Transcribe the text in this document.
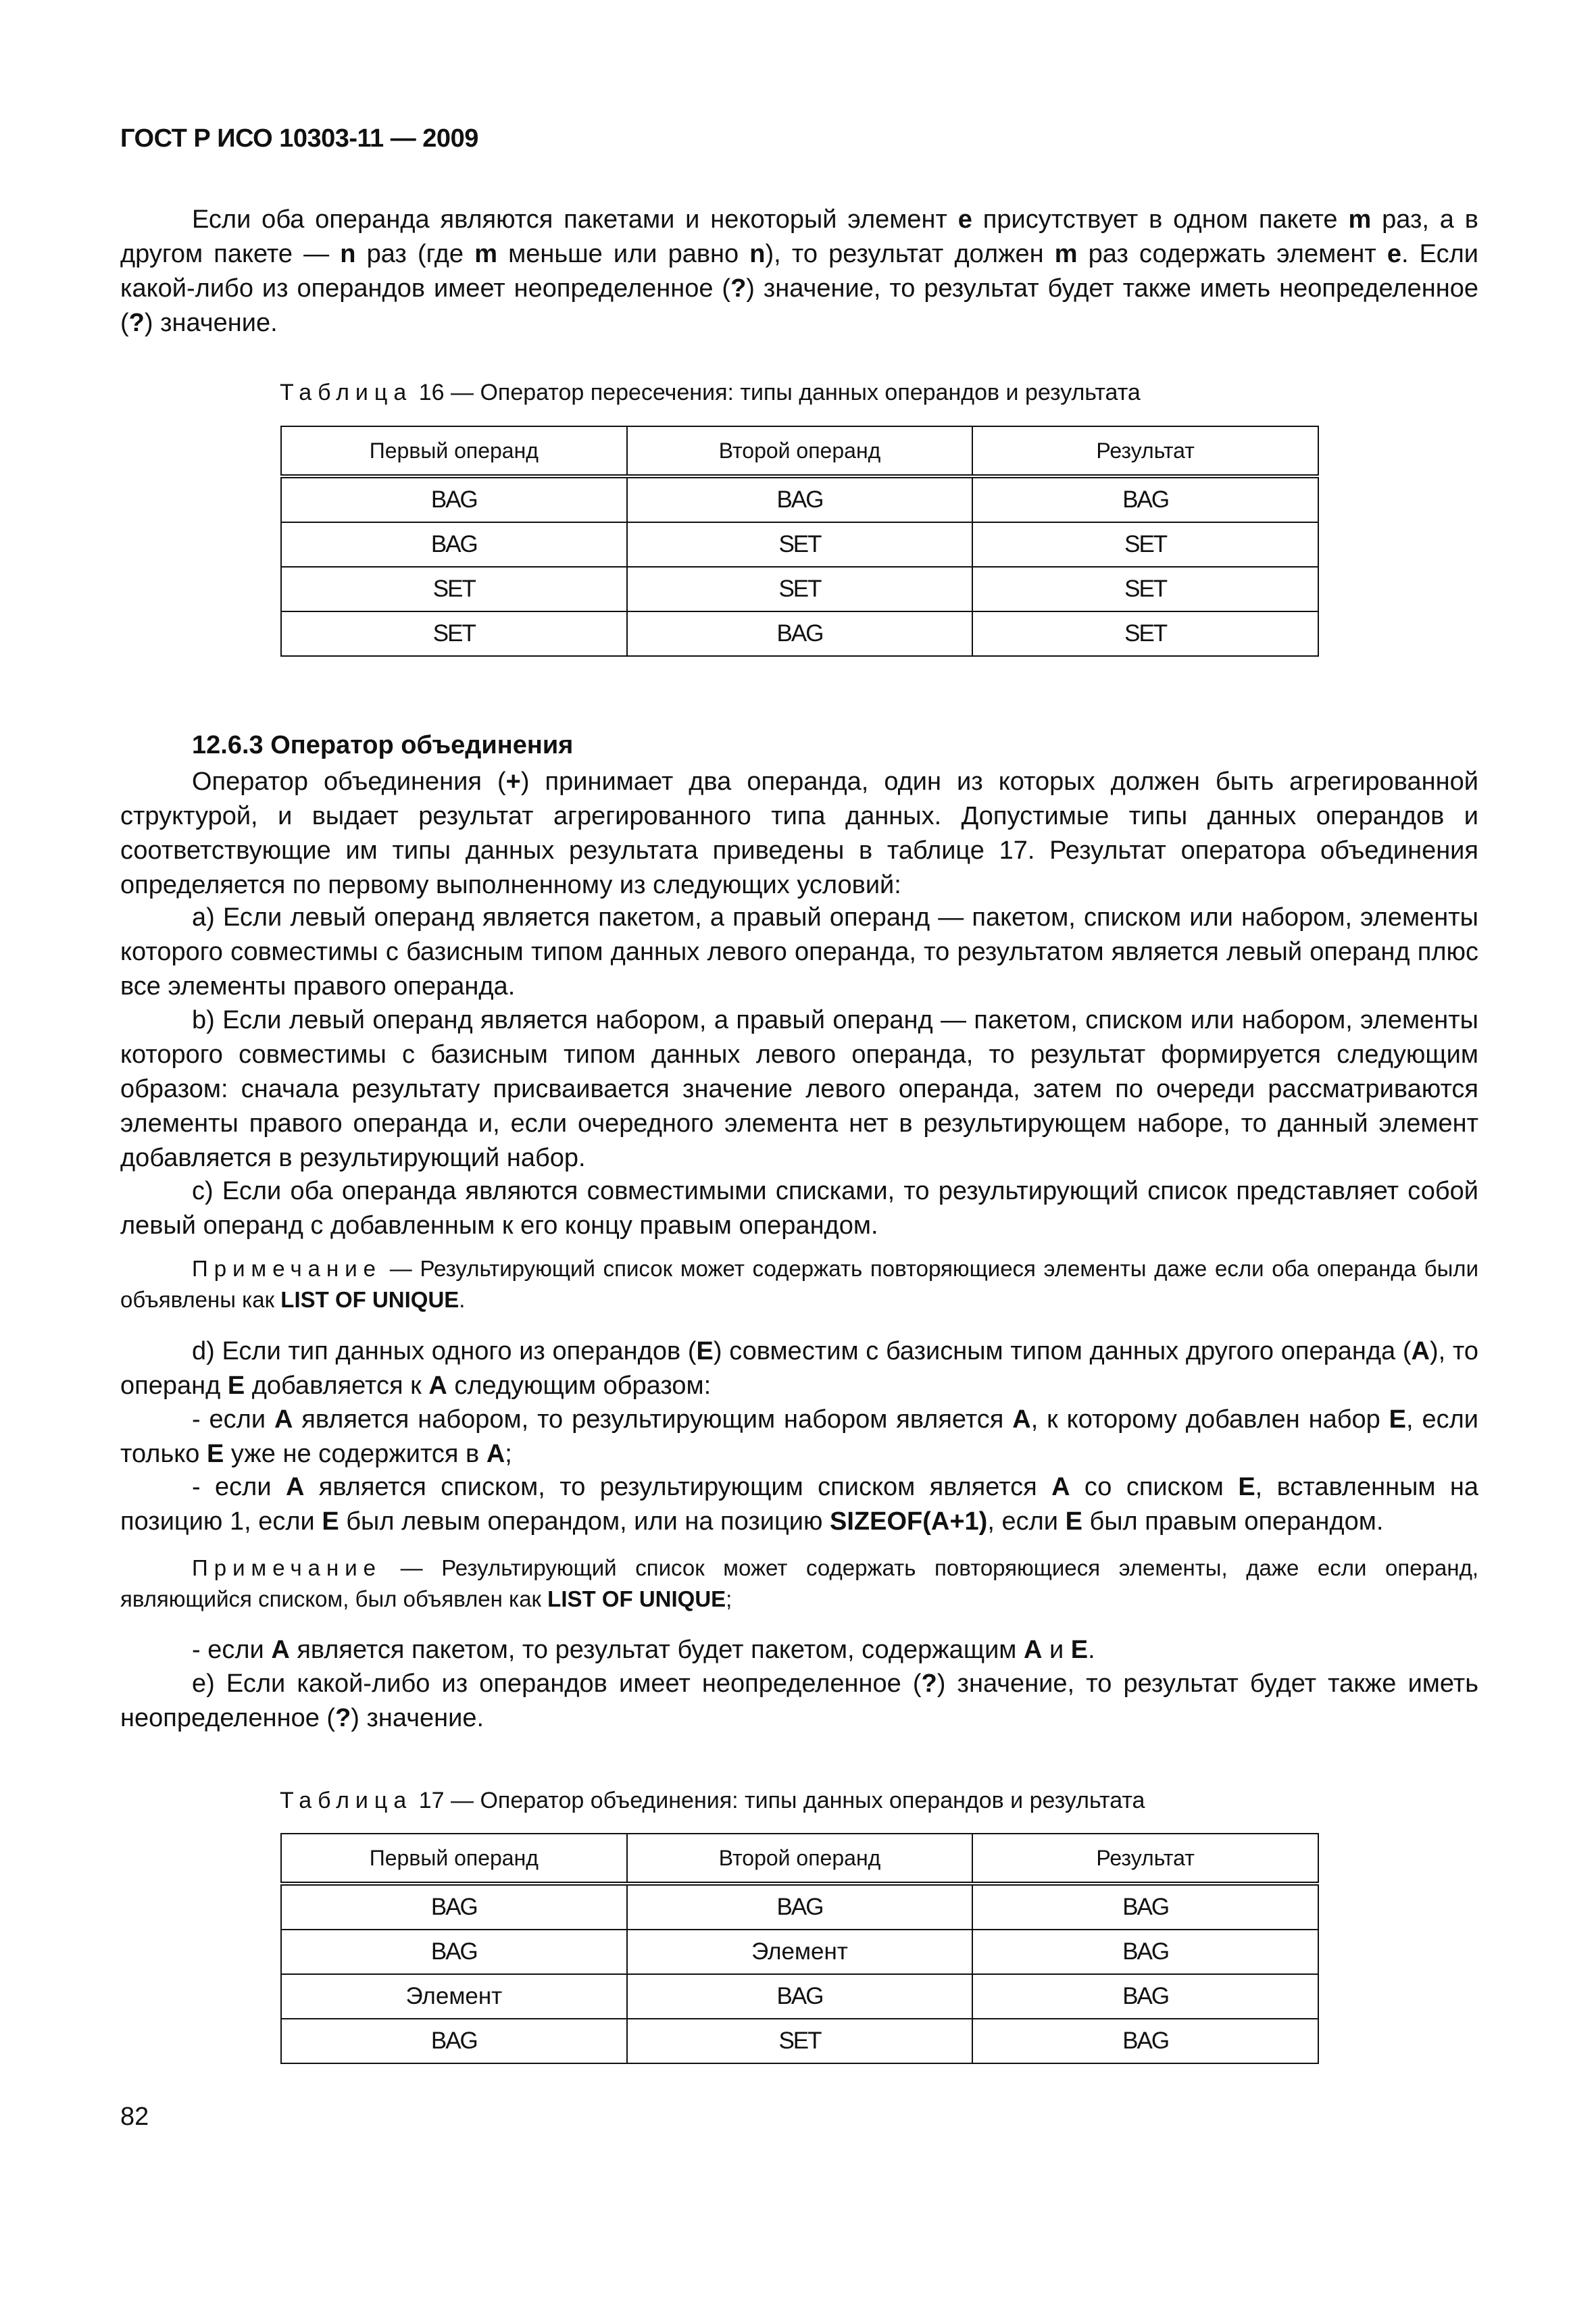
ГОСТ Р ИСО 10303-11 — 2009

Если оба операнда являются пакетами и некоторый элемент e присутствует в одном пакете m раз, а в другом пакете — n раз (где m меньше или равно n), то результат должен m раз содержать элемент e. Если какой-либо из операндов имеет неопределенное (?) значение, то результат будет также иметь неопределенное (?) значение.

Таблица 16 — Оператор пересечения: типы данных операндов и результата
Первый операнд	Второй операнд	Результат
BAG	BAG	BAG
BAG	SET	SET
SET	SET	SET
SET	BAG	SET
12.6.3 Оператор объединения

Оператор объединения (+) принимает два операнда, один из которых должен быть агрегированной структурой, и выдает результат агрегированного типа данных. Допустимые типы данных операндов и соответствующие им типы данных результата приведены в таблице 17. Результат оператора объединения определяется по первому выполненному из следующих условий:

a) Если левый операнд является пакетом, а правый операнд — пакетом, списком или набором, элементы которого совместимы с базисным типом данных левого операнда, то результатом является левый операнд плюс все элементы правого операнда.

b) Если левый операнд является набором, а правый операнд — пакетом, списком или набором, элементы которого совместимы с базисным типом данных левого операнда, то результат формируется следующим образом: сначала результату присваивается значение левого операнда, затем по очереди рассматриваются элементы правого операнда и, если очередного элемента нет в результирующем наборе, то данный элемент добавляется в результирующий набор.

c) Если оба операнда являются совместимыми списками, то результирующий список представляет собой левый операнд с добавленным к его концу правым операндом.

Примечание — Результирующий список может содержать повторяющиеся элементы даже если оба операнда были объявлены как LIST OF UNIQUE.

d) Если тип данных одного из операндов (E) совместим с базисным типом данных другого операнда (A), то операнд E добавляется к A следующим образом:

- если A является набором, то результирующим набором является A, к которому добавлен набор E, если только E уже не содержится в A;

- если A является списком, то результирующим списком является A со списком E, вставленным на позицию 1, если E был левым операндом, или на позицию SIZEOF(A+1), если E был правым операндом.

Примечание — Результирующий список может содержать повторяющиеся элементы, даже если операнд, являющийся списком, был объявлен как LIST OF UNIQUE;

- если A является пакетом, то результат будет пакетом, содержащим A и E.

e) Если какой-либо из операндов имеет неопределенное (?) значение, то результат будет также иметь неопределенное (?) значение.

Таблица 17 — Оператор объединения: типы данных операндов и результата
Первый операнд	Второй операнд	Результат
BAG	BAG	BAG
BAG	Элемент	BAG
Элемент	BAG	BAG
BAG	SET	BAG
82
